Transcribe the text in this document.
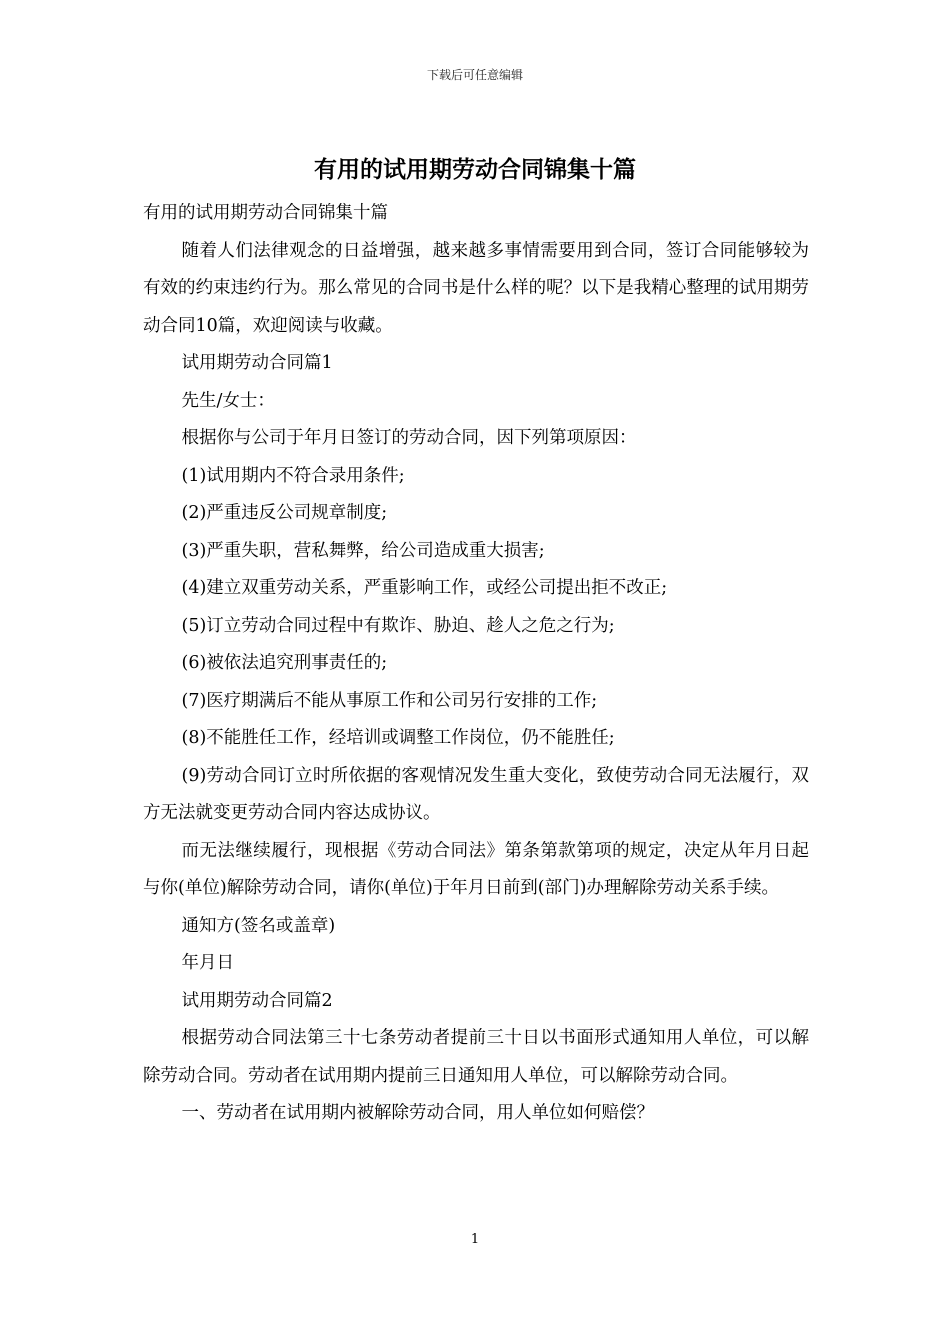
下载后可任意编辑
有用的试用期劳动合同锦集十篇

有用的试用期劳动合同锦集十篇

随着人们法律观念的日益增强，越来越多事情需要用到合同，签订合同能够较为有效的约束违约行为。那么常见的合同书是什么样的呢？以下是我精心整理的试用期劳动合同10篇，欢迎阅读与收藏。

试用期劳动合同篇1

先生/女士：

根据你与公司于年月日签订的劳动合同，因下列第项原因：

(1)试用期内不符合录用条件;

(2)严重违反公司规章制度;

(3)严重失职，营私舞弊，给公司造成重大损害;

(4)建立双重劳动关系，严重影响工作，或经公司提出拒不改正;

(5)订立劳动合同过程中有欺诈、胁迫、趁人之危之行为;

(6)被依法追究刑事责任的;

(7)医疗期满后不能从事原工作和公司另行安排的工作;

(8)不能胜任工作，经培训或调整工作岗位，仍不能胜任;

(9)劳动合同订立时所依据的客观情况发生重大变化，致使劳动合同无法履行，双方无法就变更劳动合同内容达成协议。

而无法继续履行，现根据《劳动合同法》第条第款第项的规定，决定从年月日起与你(单位)解除劳动合同，请你(单位)于年月日前到(部门)办理解除劳动关系手续。

通知方(签名或盖章)

年月日

试用期劳动合同篇2

根据劳动合同法第三十七条劳动者提前三十日以书面形式通知用人单位，可以解除劳动合同。劳动者在试用期内提前三日通知用人单位，可以解除劳动合同。

一、劳动者在试用期内被解除劳动合同，用人单位如何赔偿？

1
